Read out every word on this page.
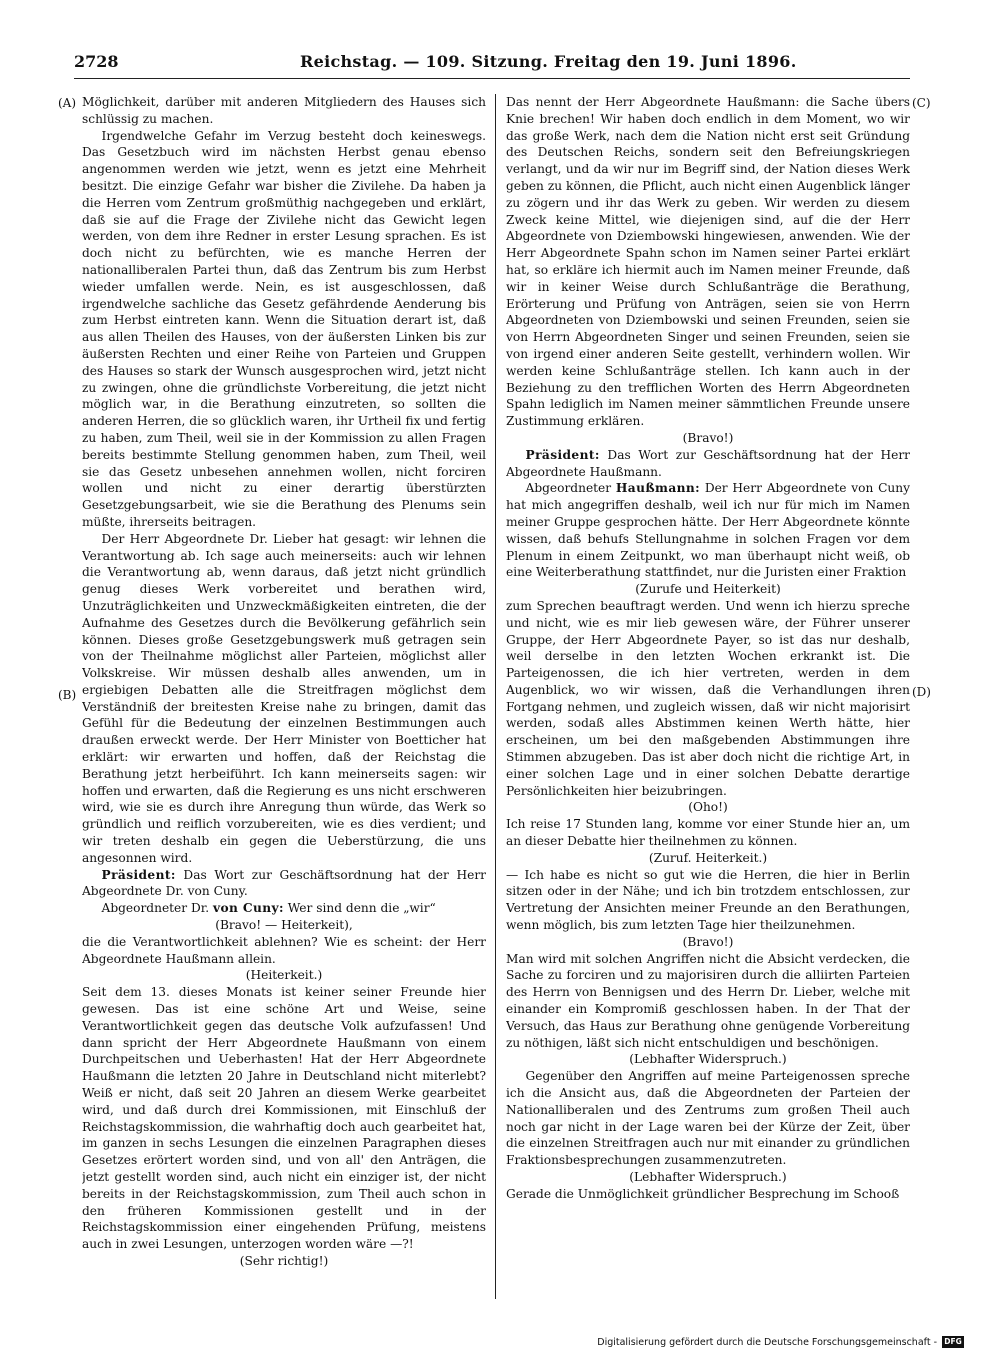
2728	Reichstag. — 109. Sitzung. Freitag den 19. Juni 1896.
(A)
(B)
(C)
(D)

Möglichkeit, darüber mit anderen Mitgliedern des Hauses sich schlüssig zu machen.

Irgendwelche Gefahr im Verzug besteht doch keineswegs. Das Gesetzbuch wird im nächsten Herbst genau ebenso angenommen werden wie jetzt, wenn es jetzt eine Mehrheit besitzt. Die einzige Gefahr war bisher die Zivilehe. Da haben ja die Herren vom Zentrum großmüthig nachgegeben und erklärt, daß sie auf die Frage der Zivilehe nicht das Gewicht legen werden, von dem ihre Redner in erster Lesung sprachen. Es ist doch nicht zu befürchten, wie es manche Herren der nationalliberalen Partei thun, daß das Zentrum bis zum Herbst wieder umfallen werde. Nein, es ist ausgeschlossen, daß irgendwelche sachliche das Gesetz gefährdende Aenderung bis zum Herbst eintreten kann. Wenn die Situation derart ist, daß aus allen Theilen des Hauses, von der äußersten Linken bis zur äußersten Rechten und einer Reihe von Parteien und Gruppen des Hauses so stark der Wunsch ausgesprochen wird, jetzt nicht zu zwingen, ohne die gründlichste Vorbereitung, die jetzt nicht möglich war, in die Berathung einzutreten, so sollten die anderen Herren, die so glücklich waren, ihr Urtheil fix und fertig zu haben, zum Theil, weil sie in der Kommission zu allen Fragen bereits bestimmte Stellung genommen haben, zum Theil, weil sie das Gesetz unbesehen annehmen wollen, nicht forciren wollen und nicht zu einer derartig überstürzten Gesetzgebungsarbeit, wie sie die Berathung des Plenums sein müßte, ihrerseits beitragen.

Der Herr Abgeordnete Dr. Lieber hat gesagt: wir lehnen die Verantwortung ab. Ich sage auch meinerseits: auch wir lehnen die Verantwortung ab, wenn daraus, daß jetzt nicht gründlich genug dieses Werk vorbereitet und berathen wird, Unzuträglichkeiten und Unzweckmäßigkeiten eintreten, die der Aufnahme des Gesetzes durch die Bevölkerung gefährlich sein können. Dieses große Gesetzgebungswerk muß getragen sein von der Theilnahme möglichst aller Parteien, möglichst aller Volkskreise. Wir müssen deshalb alles anwenden, um in ergiebigen Debatten alle die Streitfragen möglichst dem Verständniß der breitesten Kreise nahe zu bringen, damit das Gefühl für die Bedeutung der einzelnen Bestimmungen auch draußen erweckt werde. Der Herr Minister von Boetticher hat erklärt: wir erwarten und hoffen, daß der Reichstag die Berathung jetzt herbeiführt. Ich kann meinerseits sagen: wir hoffen und erwarten, daß die Regierung es uns nicht erschweren wird, wie sie es durch ihre Anregung thun würde, das Werk so gründlich und reiflich vorzubereiten, wie es dies verdient; und wir treten deshalb ein gegen die Ueberstürzung, die uns angesonnen wird.

Präsident: Das Wort zur Geschäftsordnung hat der Herr Abgeordnete Dr. von Cuny.

Abgeordneter Dr. von Cuny: Wer sind denn die „wir“

(Bravo! — Heiterkeit),

die die Verantwortlichkeit ablehnen? Wie es scheint: der Herr Abgeordnete Haußmann allein.

(Heiterkeit.)

Seit dem 13. dieses Monats ist keiner seiner Freunde hier gewesen. Das ist eine schöne Art und Weise, seine Verantwortlichkeit gegen das deutsche Volk aufzufassen! Und dann spricht der Herr Abgeordnete Haußmann von einem Durchpeitschen und Ueberhasten! Hat der Herr Abgeordnete Haußmann die letzten 20 Jahre in Deutschland nicht miterlebt? Weiß er nicht, daß seit 20 Jahren an diesem Werke gearbeitet wird, und daß durch drei Kommissionen, mit Einschluß der Reichstagskommission, die wahrhaftig doch auch gearbeitet hat, im ganzen in sechs Lesungen die einzelnen Paragraphen dieses Gesetzes erörtert worden sind, und von all' den Anträgen, die jetzt gestellt worden sind, auch nicht ein einziger ist, der nicht bereits in der Reichstagskommission, zum Theil auch schon in den früheren Kommissionen gestellt und in der Reichstagskommission einer eingehenden Prüfung, meistens auch in zwei Lesungen, unterzogen worden wäre —?!

(Sehr richtig!)

Das nennt der Herr Abgeordnete Haußmann: die Sache übers Knie brechen! Wir haben doch endlich in dem Moment, wo wir das große Werk, nach dem die Nation nicht erst seit Gründung des Deutschen Reichs, sondern seit den Befreiungskriegen verlangt, und da wir nur im Begriff sind, der Nation dieses Werk geben zu können, die Pflicht, auch nicht einen Augenblick länger zu zögern und ihr das Werk zu geben. Wir werden zu diesem Zweck keine Mittel, wie diejenigen sind, auf die der Herr Abgeordnete von Dziembowski hingewiesen, anwenden. Wie der Herr Abgeordnete Spahn schon im Namen seiner Partei erklärt hat, so erkläre ich hiermit auch im Namen meiner Freunde, daß wir in keiner Weise durch Schlußanträge die Berathung, Erörterung und Prüfung von Anträgen, seien sie von Herrn Abgeordneten von Dziembowski und seinen Freunden, seien sie von Herrn Abgeordneten Singer und seinen Freunden, seien sie von irgend einer anderen Seite gestellt, verhindern wollen. Wir werden keine Schlußanträge stellen. Ich kann auch in der Beziehung zu den trefflichen Worten des Herrn Abgeordneten Spahn lediglich im Namen meiner sämmtlichen Freunde unsere Zustimmung erklären.

(Bravo!)

Präsident: Das Wort zur Geschäftsordnung hat der Herr Abgeordnete Haußmann.

Abgeordneter Haußmann: Der Herr Abgeordnete von Cuny hat mich angegriffen deshalb, weil ich nur für mich im Namen meiner Gruppe gesprochen hätte. Der Herr Abgeordnete könnte wissen, daß behufs Stellungnahme in solchen Fragen vor dem Plenum in einem Zeitpunkt, wo man überhaupt nicht weiß, ob eine Weiterberathung stattfindet, nur die Juristen einer Fraktion

(Zurufe und Heiterkeit)

zum Sprechen beauftragt werden. Und wenn ich hierzu spreche und nicht, wie es mir lieb gewesen wäre, der Führer unserer Gruppe, der Herr Abgeordnete Payer, so ist das nur deshalb, weil derselbe in den letzten Wochen erkrankt ist. Die Parteigenossen, die ich hier vertreten, werden in dem Augenblick, wo wir wissen, daß die Verhandlungen ihren Fortgang nehmen, und zugleich wissen, daß wir nicht majorisirt werden, sodaß alles Abstimmen keinen Werth hätte, hier erscheinen, um bei den maßgebenden Abstimmungen ihre Stimmen abzugeben. Das ist aber doch nicht die richtige Art, in einer solchen Lage und in einer solchen Debatte derartige Persönlichkeiten hier beizubringen.

(Oho!)

Ich reise 17 Stunden lang, komme vor einer Stunde hier an, um an dieser Debatte hier theilnehmen zu können.

(Zuruf. Heiterkeit.)

— Ich habe es nicht so gut wie die Herren, die hier in Berlin sitzen oder in der Nähe; und ich bin trotzdem entschlossen, zur Vertretung der Ansichten meiner Freunde an den Berathungen, wenn möglich, bis zum letzten Tage hier theilzunehmen.

(Bravo!)

Man wird mit solchen Angriffen nicht die Absicht verdecken, die Sache zu forciren und zu majorisiren durch die alliirten Parteien des Herrn von Bennigsen und des Herrn Dr. Lieber, welche mit einander ein Kompromiß geschlossen haben. In der That der Versuch, das Haus zur Berathung ohne genügende Vorbereitung zu nöthigen, läßt sich nicht entschuldigen und beschönigen.

(Lebhafter Widerspruch.)

Gegenüber den Angriffen auf meine Parteigenossen spreche ich die Ansicht aus, daß die Abgeordneten der Parteien der Nationalliberalen und des Zentrums zum großen Theil auch noch gar nicht in der Lage waren bei der Kürze der Zeit, über die einzelnen Streitfragen auch nur mit einander zu gründlichen Fraktionsbesprechungen zusammenzutreten.

(Lebhafter Widerspruch.)

Gerade die Unmöglichkeit gründlicher Besprechung im Schooß

Digitalisierung gefördert durch die Deutsche Forschungsgemeinschaft - DFG
